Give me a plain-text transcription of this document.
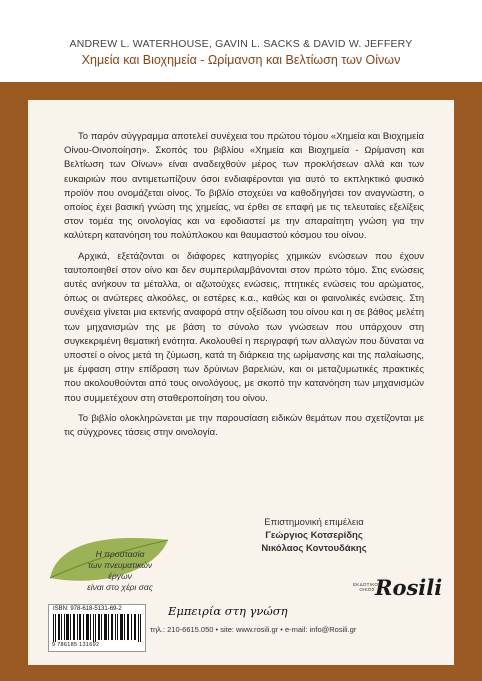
ANDREW L. WATERHOUSE, GAVIN L. SACKS & DAVID W. JEFFERY
Χημεία και Βιοχημεία - Ωρίμανση και Βελτίωση των Οίνων

Το παρόν σύγγραμμα αποτελεί συνέχεια του πρώτου τόμου «Χημεία και Βιοχημεία Οίνου-Οινοποίηση». Σκοπός του βιβλίου «Χημεία και Βιοχημεία - Ωρίμανση και Βελτίωση των Οίνων» είναι αναδειχθούν μέρος των προκλήσεων αλλά και των ευκαιριών που αντιμετωπίζουν όσοι ενδιαφέρονται για αυτό το εκπληκτικό φυσικό προϊόν που ονομάζεται οίνος. Το βιβλίο στοχεύει να καθοδηγήσει τον αναγνώστη, ο οποίος έχει βασική γνώση της χημείας, να έρθει σε επαφή με τις τελευταίες εξελίξεις στον τομέα της οινολογίας και να εφοδιαστεί με την απαραίτητη γνώση για την καλύτερη κατανόηση του πολύπλοκου και θαυμαστού κόσμου του οίνου.

Αρχικά, εξετάζονται οι διάφορες κατηγορίες χημικών ενώσεων που έχουν ταυτοποιηθεί στον οίνο και δεν συμπεριλαμβάνονται στον πρώτο τόμο. Στις ενώσεις αυτές ανήκουν τα μέταλλα, οι αζωτούχες ενώσεις, πτητικές ενώσεις του αρώματος, όπως οι ανώτερες αλκοόλες, οι εστέρες κ.α., καθώς και οι φαινολικές ενώσεις. Στη συνέχεια γίνεται μια εκτενής αναφορά στην οξείδωση του οίνου και η σε βάθος μελέτη των μηχανισμών της με βάση το σύνολο των γνώσεων που υπάρχουν στη συγκεκριμένη θεματική ενότητα. Ακολουθεί η περιγραφή των αλλαγών που δύναται να υποστεί ο οίνος μετά τη ζύμωση, κατά τη διάρκεια της ωρίμανσης και της παλαίωσης, με έμφαση στην επίδραση των δρύινων βαρελιών, και οι μεταζυμωτικές πρακτικές που ακολουθούνται από τους οινολόγους, με σκοπό την κατανόηση των μηχανισμών που συμμετέχουν στη σταθεροποίηση του οίνου.

Το βιβλίο ολοκληρώνεται με την παρουσίαση ειδικών θεμάτων που σχετίζονται με τις σύγχρονες τάσεις στην οινολογία.

Επιστημονική επιμέλεια
Γεώργιος Κοτσερίδης
Νικόλαος Κοντουδάκης
Η προστασία
των πνευματικών έργων
είναι στο χέρι σας	ΕΚΔΟΤΙΚΟΣ
ΟΙΚΟΣ Rosili
ISBN: 978-618-5131-69-2
9 786185 131692
Εμπειρία στη γνώση
τηλ.: 210-6615.050 • site: www.rosili.gr • e-mail: info@Rosili.gr
